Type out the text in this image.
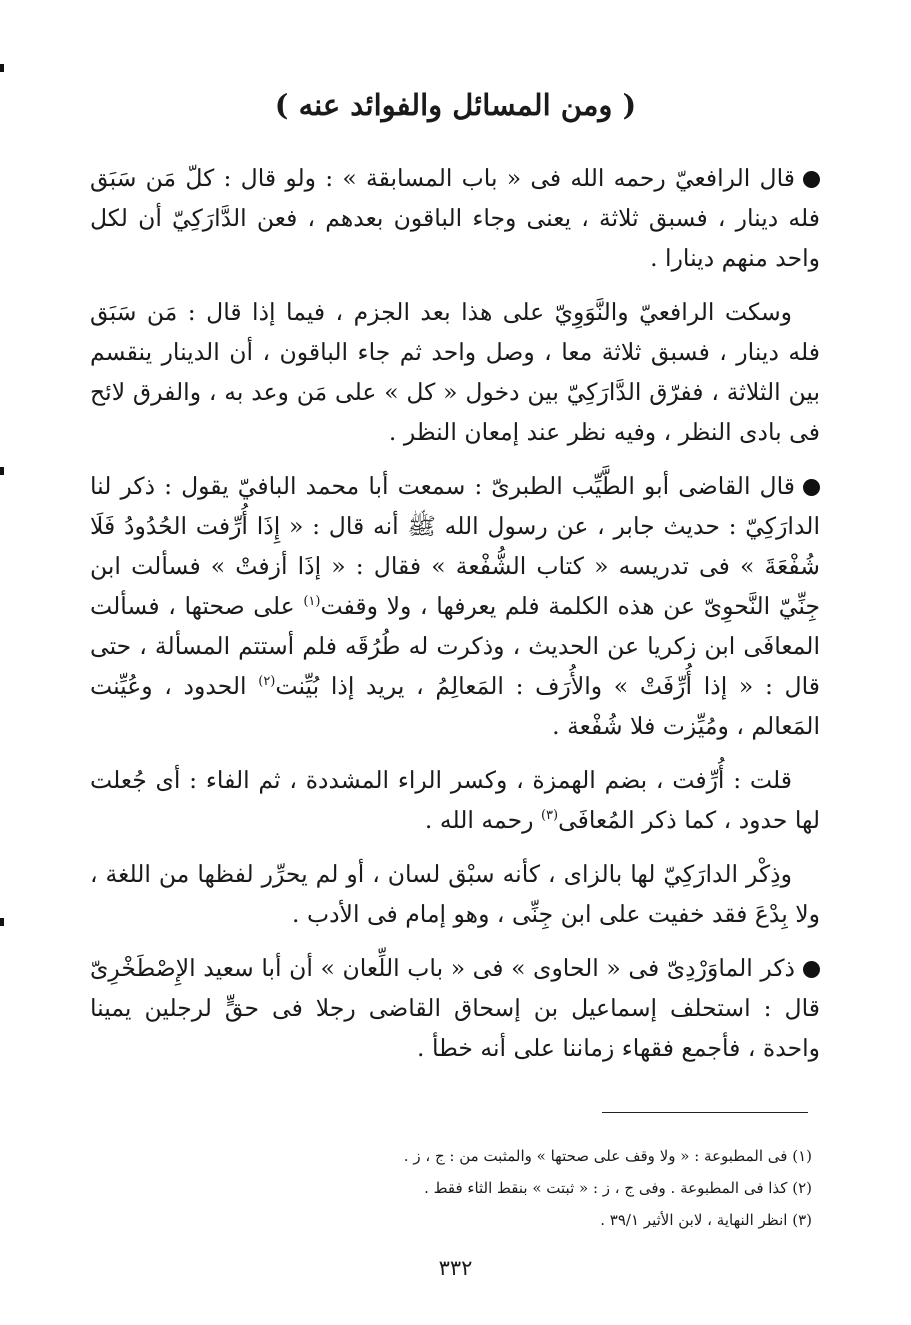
( ومن المسائل والفوائد عنه )

قال الرافعيّ رحمه الله فى « باب المسابقة » : ولو قال : كلّ مَن سَبَق فله دينار ، فسبق ثلاثة ، يعنى وجاء الباقون بعدهم ، فعن الدَّارَكِيّ أن لكل واحد منهم دينارا .

وسكت الرافعيّ والنَّوَوِيّ على هذا بعد الجزم ، فيما إذا قال : مَن سَبَق فله دينار ، فسبق ثلاثة معا ، وصل واحد ثم جاء الباقون ، أن الدينار ينقسم بين الثلاثة ، ففرّق الدَّارَكِيّ بين دخول « كل » على مَن وعد به ، والفرق لائح فى بادى النظر ، وفيه نظر عند إمعان النظر .

قال القاضى أبو الطَّيِّب الطبرىّ : سمعت أبا محمد البافيّ يقول : ذكر لنا الدارَكِيّ : حديث جابر ، عن رسول الله ﷺ أنه قال : « إِذَا أُرِّفت الحُدُودُ فَلَا شُفْعَةَ » فى تدريسه « كتاب الشُّفْعة » فقال : « إذَا أزفتْ » فسألت ابن جِنِّيّ النَّحوِىّ عن هذه الكلمة فلم يعرفها ، ولا وقفت$^{(١)}$ على صحتها ، فسألت المعافَى ابن زكريا عن الحديث ، وذكرت له طُرُقَه فلم أستتم المسألة ، حتى قال : « إذا أُرِّفَتْ » والأُرَف : المَعالِمُ ، يريد إذا بُيِّنت$^{(٢)}$ الحدود ، وعُيِّنت المَعالم ، ومُيِّزت فلا شُفْعة .

قلت : أُرِّفت ، بضم الهمزة ، وكسر الراء المشددة ، ثم الفاء : أى جُعلت لها حدود ، كما ذكر المُعافَى$^{(٣)}$ رحمه الله .

وذِكْر الدارَكِيّ لها بالزاى ، كأنه سبْق لسان ، أو لم يحرِّر لفظها من اللغة ، ولا بِدْعَ فقد خفيت على ابن جِنِّى ، وهو إمام فى الأدب .

ذكر الماوَرْدِىّ فى « الحاوى » فى « باب اللِّعان » أن أبا سعيد الإِصْطَخْرِىّ قال : استحلف إسماعيل بن إسحاق القاضى رجلا فى حقٍّ لرجلين يمينا واحدة ، فأجمع فقهاء زماننا على أنه خطأ .

(١) فى المطبوعة : « ولا وقف على صحتها » والمثبت من : ج ، ز .

(٢) كذا فى المطبوعة . وفى ج ، ز : « ثبتت » بنقط الثاء فقط .

(٣) انظر النهاية ، لابن الأثير ٣٩/١ .

٣٣٢
